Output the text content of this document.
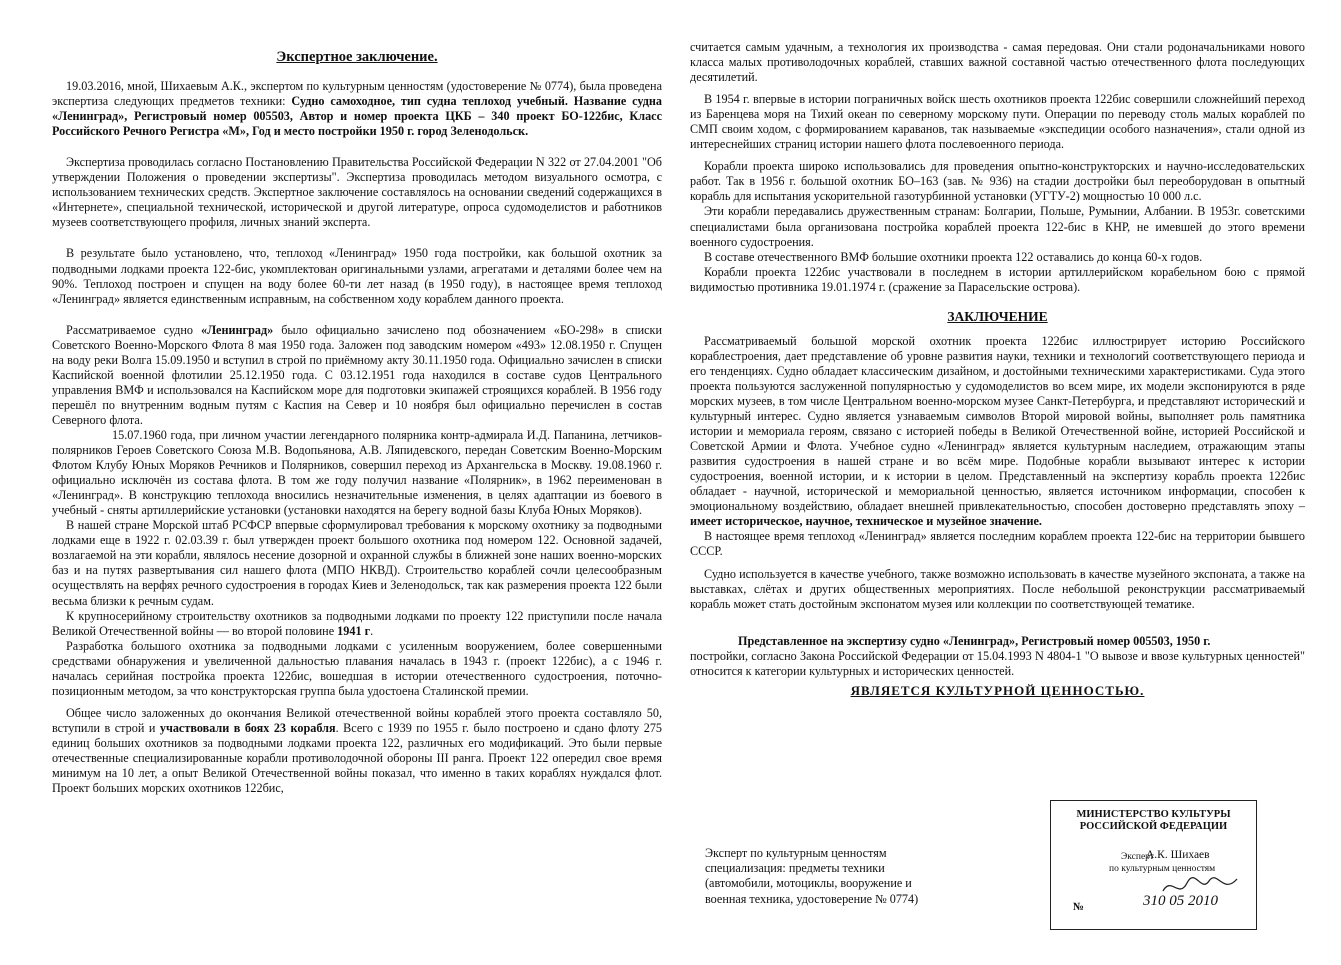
Экспертное заключение.

19.03.2016, мной, Шихаевым А.К., экспертом по культурным ценностям (удостоверение № 0774), была проведена экспертиза следующих предметов техники: Судно самоходное, тип судна теплоход учебный. Название судна «Ленинград», Регистровый номер 005503, Автор и номер проекта ЦКБ – 340 проект БО-122бис, Класс Российского Речного Регистра «М», Год и место постройки 1950 г. город Зеленодольск.

Экспертиза проводилась согласно Постановлению Правительства Российской Федерации N 322 от 27.04.2001 "Об утверждении Положения о проведении экспертизы". Экспертиза проводилась методом визуального осмотра, с использованием технических средств. Экспертное заключение составлялось на основании сведений содержащихся в «Интернете», специальной технической, исторической и другой литературе, опроса судомоделистов и работников музеев соответствующего профиля, личных знаний эксперта.

В результате было установлено, что, теплоход «Ленинград» 1950 года постройки, как большой охотник за подводными лодками проекта 122-бис, укомплектован оригинальными узлами, агрегатами и деталями более чем на 90%. Теплоход построен и спущен на воду более 60-ти лет назад (в 1950 году), в настоящее время теплоход «Ленинград» является единственным исправным, на собственном ходу кораблем данного проекта.

Рассматриваемое судно «Ленинград» было официально зачислено под обозначением «БО-298» в списки Советского Военно-Морского Флота 8 мая 1950 года. Заложен под заводским номером «493» 12.08.1950 г. Спущен на воду реки Волга 15.09.1950 и вступил в строй по приёмному акту 30.11.1950 года. Официально зачислен в списки Каспийской военной флотилии 25.12.1950 года. С 03.12.1951 года находился в составе судов Центрального управления ВМФ и использовался на Каспийском море для подготовки экипажей строящихся кораблей. В 1956 году перешёл по внутренним водным путям с Каспия на Север и 10 ноября был официально перечислен в состав Северного флота.

15.07.1960 года, при личном участии легендарного полярника контр-адмирала И.Д. Папанина, летчиков-полярников Героев Советского Союза М.В. Водопьянова, А.В. Ляпидевского, передан Советским Военно-Морским Флотом Клубу Юных Моряков Речников и Полярников, совершил переход из Архангельска в Москву. 19.08.1960 г. официально исключён из состава флота. В том же году получил название «Полярник», в 1962 переименован в «Ленинград». В конструкцию теплохода вносились незначительные изменения, в целях адаптации из боевого в учебный - сняты артиллерийские установки (установки находятся на берегу водной базы Клуба Юных Моряков).

В нашей стране Морской штаб РСФСР впервые сформулировал требования к морскому охотнику за подводными лодками еще в 1922 г. 02.03.39 г. был утвержден проект большого охотника под номером 122. Основной задачей, возлагаемой на эти корабли, являлось несение дозорной и охранной службы в ближней зоне наших военно-морских баз и на путях развертывания сил нашего флота (МПО НКВД). Строительство кораблей сочли целесообразным осуществлять на верфях речного судостроения в городах Киев и Зеленодольск, так как размерения проекта 122 были весьма близки к речным судам.

К крупносерийному строительству охотников за подводными лодками по проекту 122 приступили после начала Великой Отечественной войны — во второй половине 1941 г.

Разработка большого охотника за подводными лодками с усиленным вооружением, более совершенными средствами обнаружения и увеличенной дальностью плавания началась в 1943 г. (проект 122бис), а с 1946 г. началась серийная постройка проекта 122бис, вошедшая в истории отечественного судостроения, поточно-позиционным методом, за что конструкторская группа была удостоена Сталинской премии.

Общее число заложенных до окончания Великой отечественной войны кораблей этого проекта составляло 50, вступили в строй и участвовали в боях 23 корабля. Всего с 1939 по 1955 г. было построено и сдано флоту 275 единиц больших охотников за подводными лодками проекта 122, различных его модификаций. Это были первые отечественные специализированные корабли противолодочной обороны III ранга. Проект 122 опередил свое время минимум на 10 лет, а опыт Великой Отечественной войны показал, что именно в таких кораблях нуждался флот. Проект больших морских охотников 122бис,

считается самым удачным, а технология их производства - самая передовая. Они стали родоначальниками нового класса малых противолодочных кораблей, ставших важной составной частью отечественного флота последующих десятилетий.

В 1954 г. впервые в истории пограничных войск шесть охотников проекта 122бис совершили сложнейший переход из Баренцева моря на Тихий океан по северному морскому пути. Операции по переводу столь малых кораблей по СМП своим ходом, с формированием караванов, так называемые «экспедиции особого назначения», стали одной из интереснейших страниц истории нашего флота послевоенного периода.

Корабли проекта широко использовались для проведения опытно-конструкторских и научно-исследовательских работ. Так в 1956 г. большой охотник БО–163 (зав. № 936) на стадии достройки был переоборудован в опытный корабль для испытания ускорительной газотурбинной установки (УГТУ-2) мощностью 10 000 л.с.

Эти корабли передавались дружественным странам: Болгарии, Польше, Румынии, Албании. В 1953г. советскими специалистами была организована постройка кораблей проекта 122-бис в КНР, не имевшей до этого времени военного судостроения.

В составе отечественного ВМФ большие охотники проекта 122 оставались до конца 60-х годов.

Корабли проекта 122бис участвовали в последнем в истории артиллерийском корабельном бою с прямой видимостью противника 19.01.1974 г. (сражение за Парасельские острова).

ЗАКЛЮЧЕНИЕ

Рассматриваемый большой морской охотник проекта 122бис иллюстрирует историю Российского кораблестроения, дает представление об уровне развития науки, техники и технологий соответствующего периода и его тенденциях. Судно обладает классическим дизайном, и достойными техническими характеристиками. Суда этого проекта пользуются заслуженной популярностью у судомоделистов во всем мире, их модели экспонируются в ряде морских музеев, в том числе Центральном военно-морском музее Санкт-Петербурга, и представляют исторический и культурный интерес. Судно является узнаваемым символов Второй мировой войны, выполняет роль памятника истории и мемориала героям, связано с историей победы в Великой Отечественной войне, историей Российской и Советской Армии и Флота. Учебное судно «Ленинград» является культурным наследием, отражающим этапы развития судостроения в нашей стране и во всём мире. Подобные корабли вызывают интерес к истории судостроения, военной истории, и к истории в целом. Представленный на экспертизу корабль проекта 122бис обладает - научной, исторической и мемориальной ценностью, является источником информации, способен к эмоциональному воздействию, обладает внешней привлекательностью, способен достоверно представлять эпоху – имеет историческое, научное, техническое и музейное значение.

В настоящее время теплоход «Ленинград» является последним кораблем проекта 122-бис на территории бывшего СССР.

Судно используется в качестве учебного, также возможно использовать в качестве музейного экспоната, а также на выставках, слётах и других общественных мероприятиях. После небольшой реконструкции рассматриваемый корабль может стать достойным экспонатом музея или коллекции по соответствующей тематике.

Представленное на экспертизу судно «Ленинград», Регистровый номер 005503, 1950 г.

постройки, согласно Закона Российской Федерации от 15.04.1993 N 4804-1 "О вывозе и ввозе культурных ценностей" относится к категории культурных и исторических ценностей.

ЯВЛЯЕТСЯ КУЛЬТУРНОЙ ЦЕННОСТЬЮ.

Эксперт по культурным ценностям специализация: предметы техники (автомобили, мотоциклы, вооружение и военная техника, удостоверение № 0774)
МИНИСТЕРСТВО КУЛЬТУРЫ РОССИЙСКОЙ ФЕДЕРАЦИИ
А.К. Шихаев
Эксперт
по культурным ценностям
№	310 05 2010
